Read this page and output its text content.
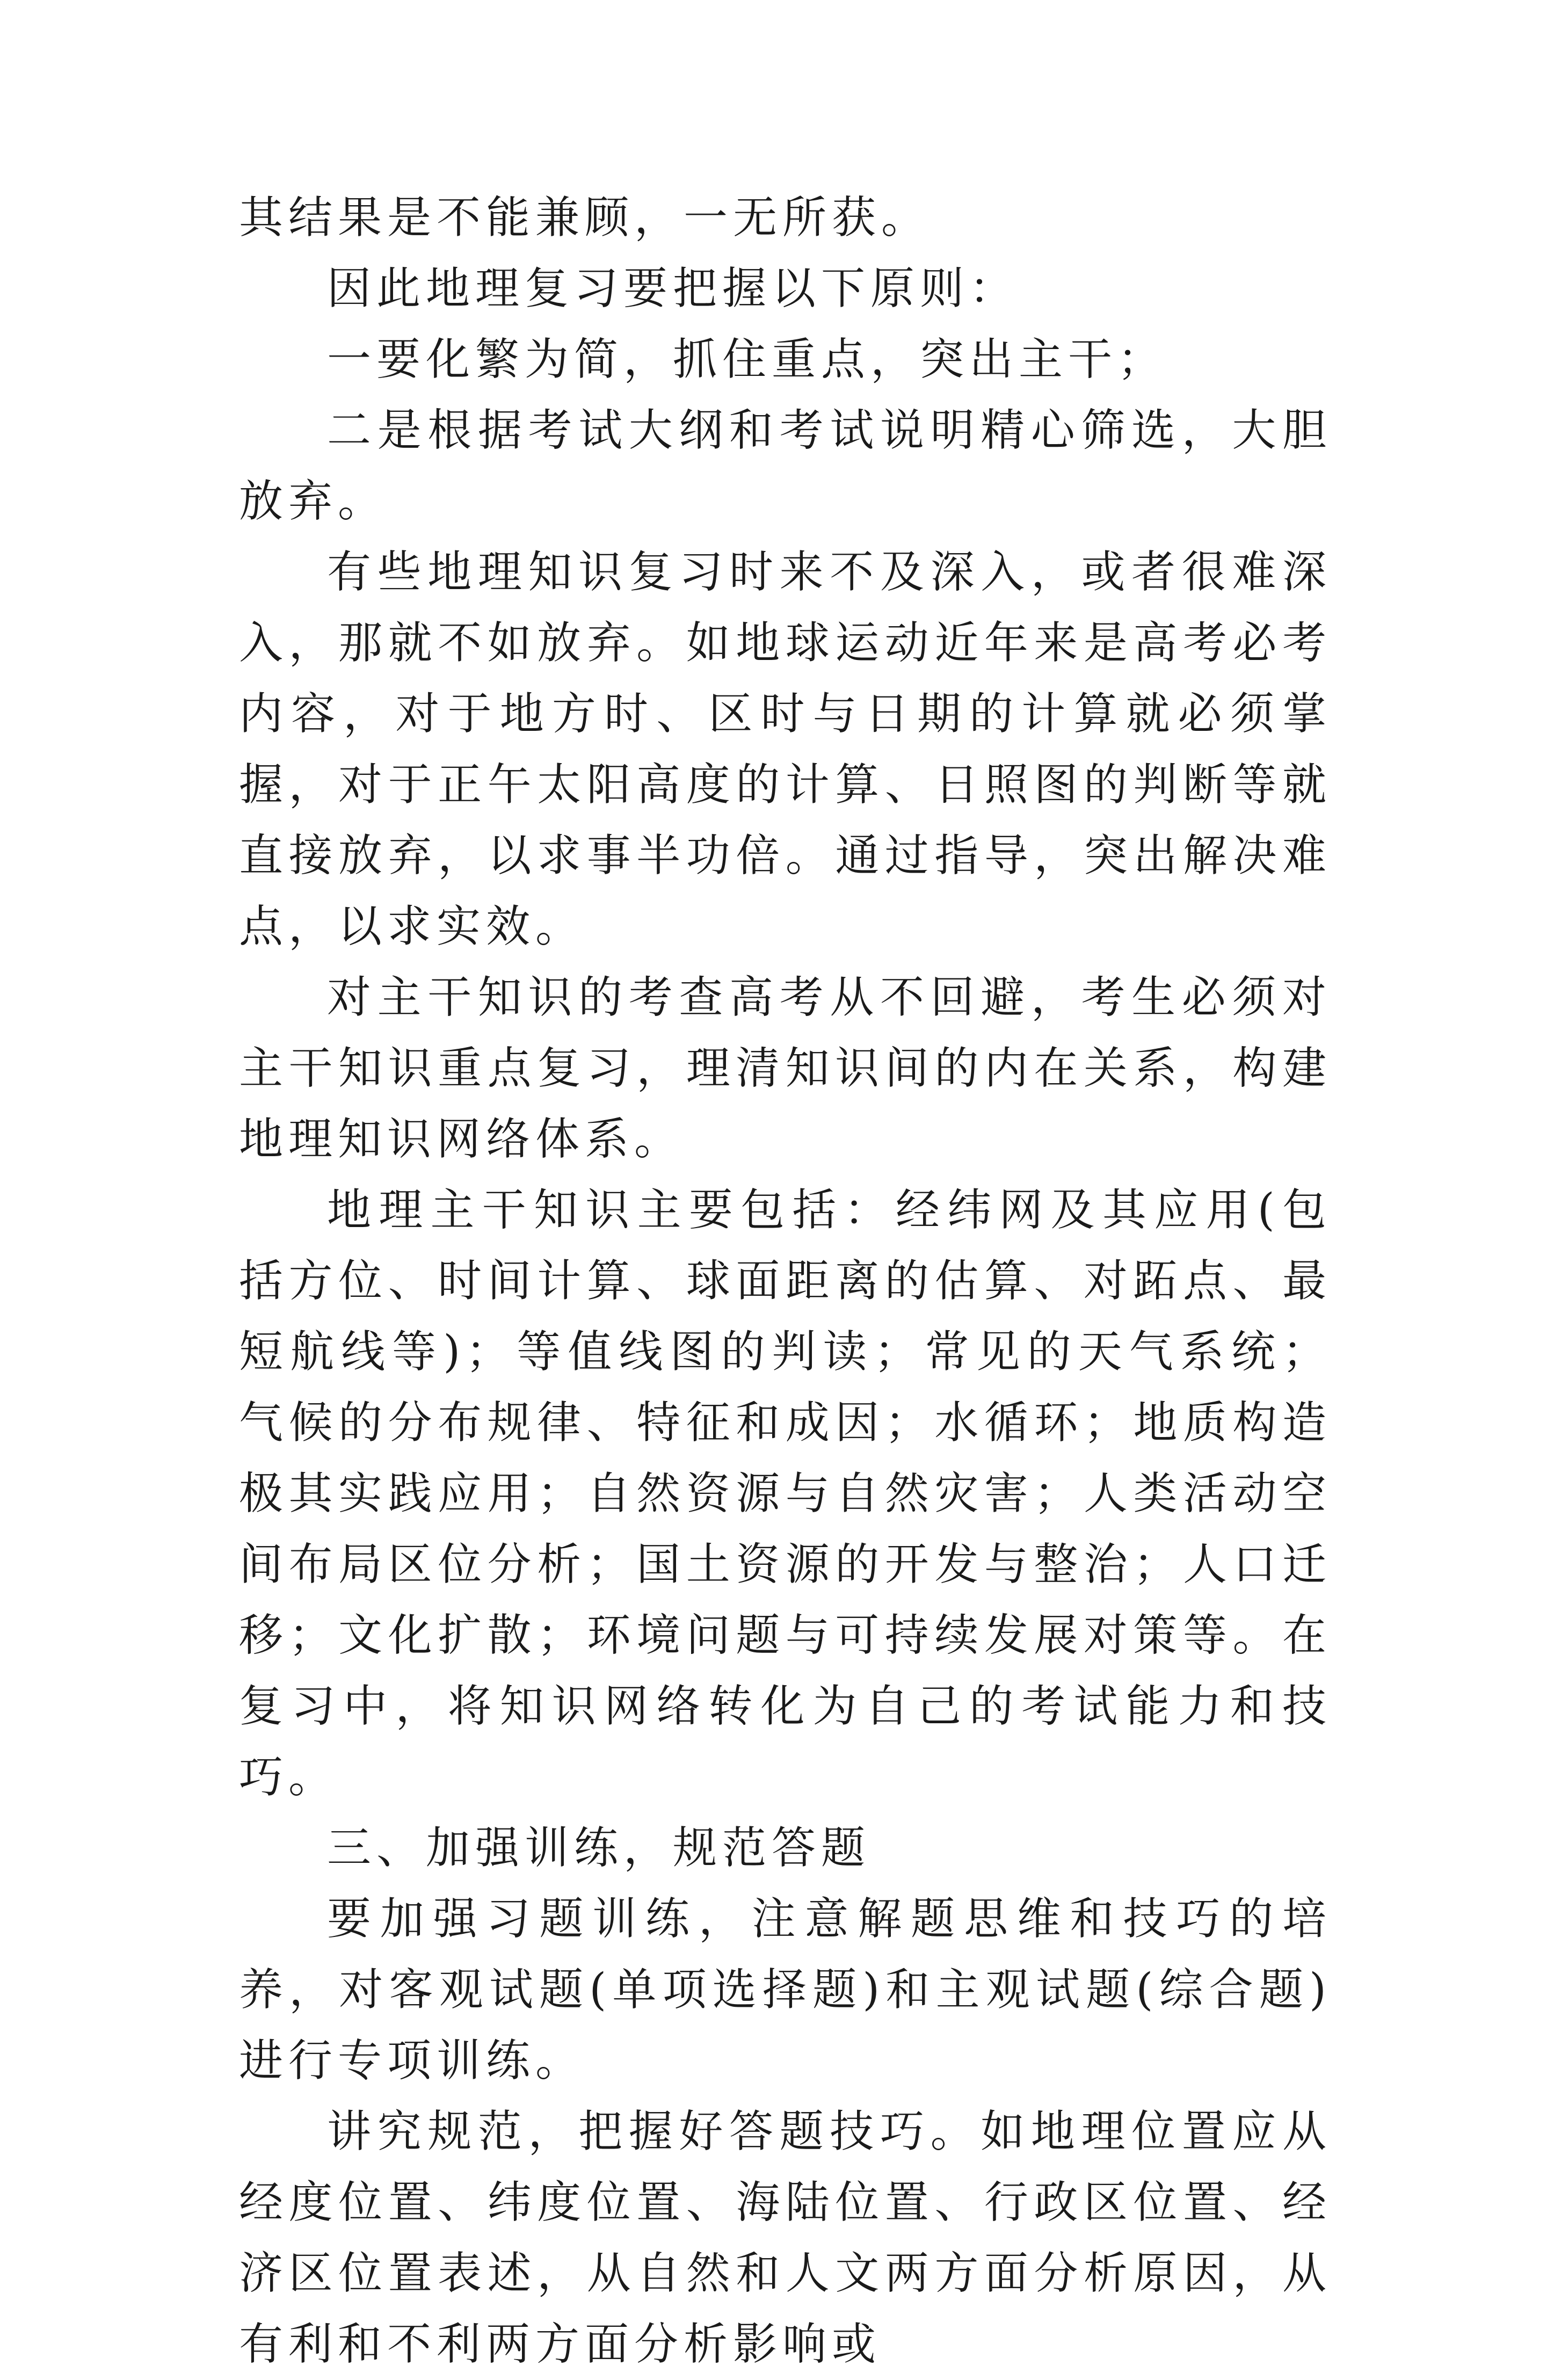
其结果是不能兼顾，一无所获。

因此地理复习要把握以下原则：

一要化繁为简，抓住重点，突出主干；

二是根据考试大纲和考试说明精心筛选，大胆放弃。

有些地理知识复习时来不及深入，或者很难深入，那就不如放弃。如地球运动近年来是高考必考内容，对于地方时、区时与日期的计算就必须掌握，对于正午太阳高度的计算、日照图的判断等就直接放弃，以求事半功倍。通过指导，突出解决难点，以求实效。

对主干知识的考查高考从不回避，考生必须对主干知识重点复习，理清知识间的内在关系，构建地理知识网络体系。

地理主干知识主要包括：经纬网及其应用(包括方位、时间计算、球面距离的估算、对跖点、最短航线等)；等值线图的判读；常见的天气系统；气候的分布规律、特征和成因；水循环；地质构造极其实践应用；自然资源与自然灾害；人类活动空间布局区位分析；国土资源的开发与整治；人口迁移；文化扩散；环境问题与可持续发展对策等。在复习中，将知识网络转化为自己的考试能力和技巧。

三、加强训练，规范答题

要加强习题训练，注意解题思维和技巧的培养，对客观试题(单项选择题)和主观试题(综合题)进行专项训练。

讲究规范，把握好答题技巧。如地理位置应从经度位置、纬度位置、海陆位置、行政区位置、经济区位置表述，从自然和人文两方面分析原因，从有利和不利两方面分析影响或
